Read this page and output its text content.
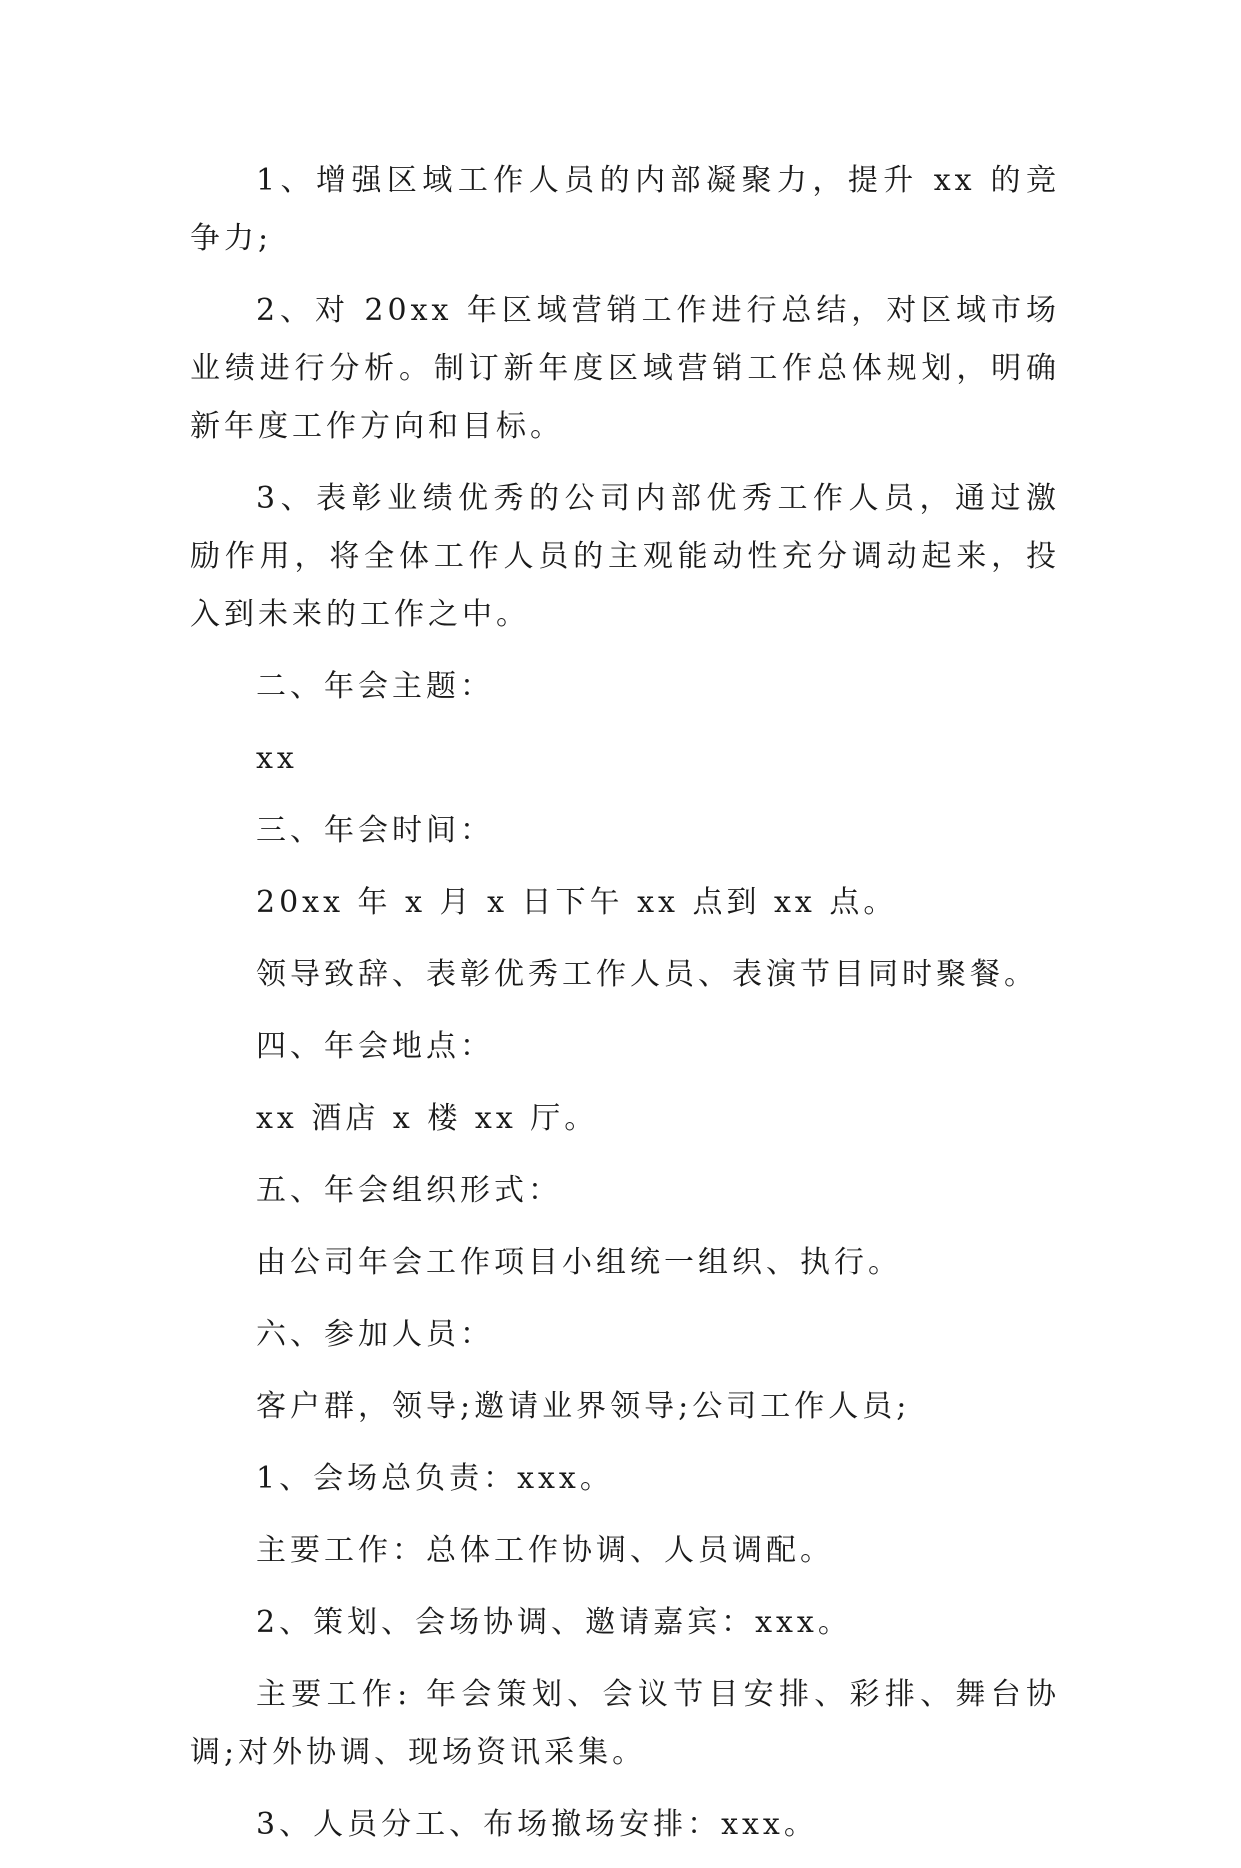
1、增强区域工作人员的内部凝聚力，提升 xx 的竞争力;

2、对 20xx 年区域营销工作进行总结，对区域市场业绩进行分析。制订新年度区域营销工作总体规划，明确新年度工作方向和目标。

3、表彰业绩优秀的公司内部优秀工作人员，通过激励作用，将全体工作人员的主观能动性充分调动起来，投入到未来的工作之中。

二、年会主题：

xx

三、年会时间：

20xx 年 x 月 x 日下午 xx 点到 xx 点。

领导致辞、表彰优秀工作人员、表演节目同时聚餐。

四、年会地点：

xx 酒店 x 楼 xx 厅。

五、年会组织形式：

由公司年会工作项目小组统一组织、执行。

六、参加人员：

客户群，领导;邀请业界领导;公司工作人员;

1、会场总负责：xxx。

主要工作：总体工作协调、人员调配。

2、策划、会场协调、邀请嘉宾：xxx。

主要工作: 年会策划、会议节目安排、彩排、舞台协调;对外协调、现场资讯采集。

3、人员分工、布场撤场安排：xxx。
